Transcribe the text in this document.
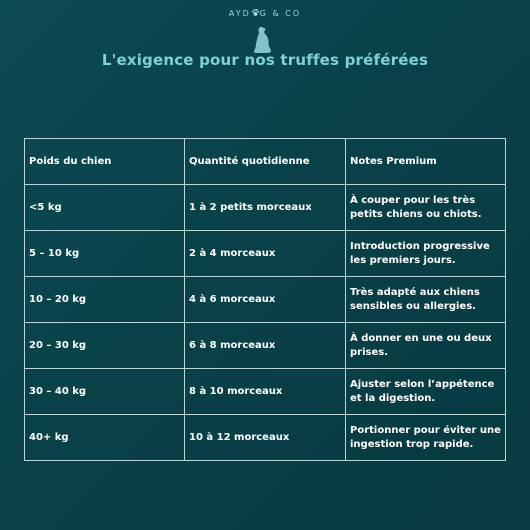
AYD G & CO
L'exigence pour nos truffes préférées
Poids du chien	Quantité quotidienne	Notes Premium
<5 kg	1 à 2 petits morceaux	À couper pour les très petits chiens ou chiots.
5 – 10 kg	2 à 4 morceaux	Introduction progressive les premiers jours.
10 – 20 kg	4 à 6 morceaux	Très adapté aux chiens sensibles ou allergies.
20 – 30 kg	6 à 8 morceaux	À donner en une ou deux prises.
30 – 40 kg	8 à 10 morceaux	Ajuster selon l’appétence et la digestion.
40+ kg	10 à 12 morceaux	Portionner pour éviter une ingestion trop rapide.
